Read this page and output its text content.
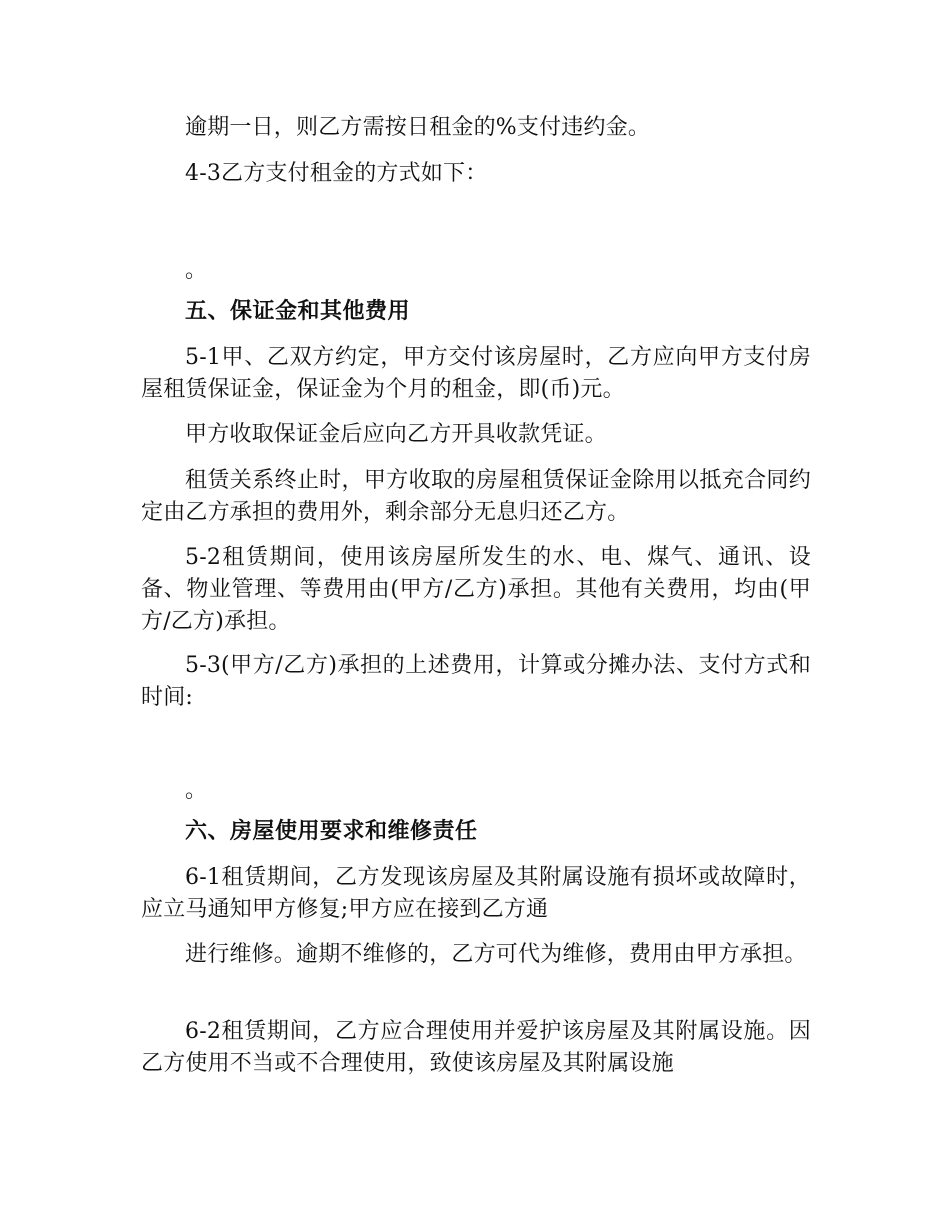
逾期一日，则乙方需按日租金的%支付违约金。

4-3乙方支付租金的方式如下：

。

五、保证金和其他费用

5-1甲、乙双方约定，甲方交付该房屋时，乙方应向甲方支付房屋租赁保证金，保证金为个月的租金，即(币)元。

甲方收取保证金后应向乙方开具收款凭证。

租赁关系终止时，甲方收取的房屋租赁保证金除用以抵充合同约定由乙方承担的费用外，剩余部分无息归还乙方。

5-2租赁期间，使用该房屋所发生的水、电、煤气、通讯、设备、物业管理、等费用由(甲方/乙方)承担。其他有关费用，均由(甲方/乙方)承担。

5-3(甲方/乙方)承担的上述费用，计算或分摊办法、支付方式和时间:

。

六、房屋使用要求和维修责任

6-1租赁期间，乙方发现该房屋及其附属设施有损坏或故障时，应立马通知甲方修复;甲方应在接到乙方通

进行维修。逾期不维修的，乙方可代为维修，费用由甲方承担。

6-2租赁期间，乙方应合理使用并爱护该房屋及其附属设施。因乙方使用不当或不合理使用，致使该房屋及其附属设施
